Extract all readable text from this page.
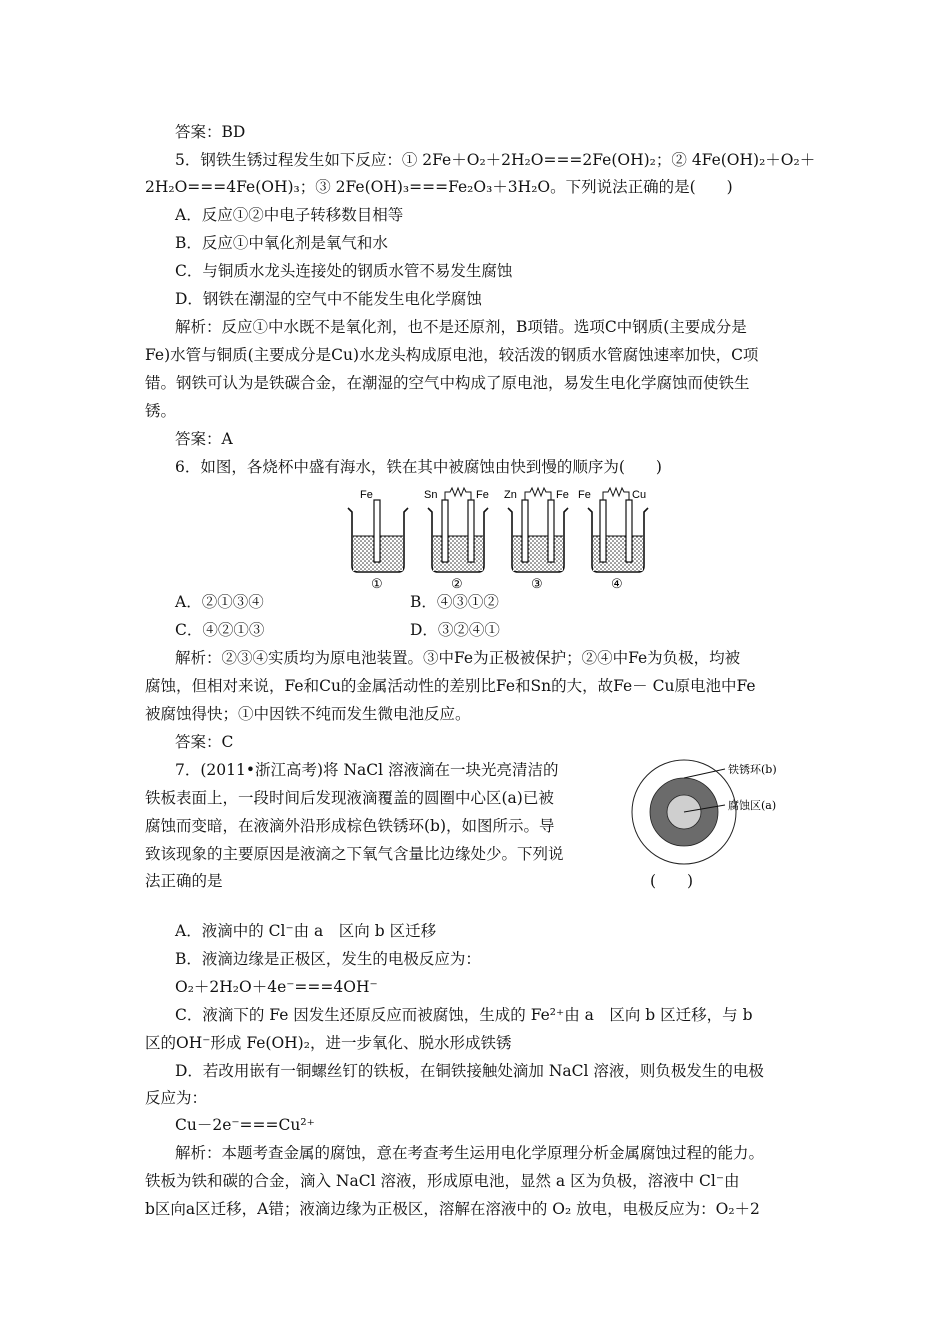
答案：BD
5．钢铁生锈过程发生如下反应：① 2Fe＋O₂＋2H₂O===2Fe(OH)₂；② 4Fe(OH)₂＋O₂＋
2H₂O===4Fe(OH)₃；③ 2Fe(OH)₃===Fe₂O₃＋3H₂O。下列说法正确的是(　　)
A．反应①②中电子转移数目相等
B．反应①中氧化剂是氧气和水
C．与铜质水龙头连接处的钢质水管不易发生腐蚀
D．钢铁在潮湿的空气中不能发生电化学腐蚀
解析：反应①中水既不是氧化剂，也不是还原剂，B项错。选项C中钢质(主要成分是
Fe)水管与铜质(主要成分是Cu)水龙头构成原电池，较活泼的钢质水管腐蚀速率加快，C项
错。钢铁可认为是铁碳合金，在潮湿的空气中构成了原电池，易发生电化学腐蚀而使铁生
锈。
答案：A
6．如图，各烧杯中盛有海水，铁在其中被腐蚀由快到慢的顺序为(　　)
Fe
①
Sn	Fe
②
Zn	Fe
③
Fe	Cu
④
A．②①③④	B．④③①②
C．④②①③	D．③②④①
解析：②③④实质均为原电池装置。③中Fe为正极被保护；②④中Fe为负极，均被
腐蚀，但相对来说，Fe和Cu的金属活动性的差别比Fe和Sn的大，故Fe－ Cu原电池中Fe
被腐蚀得快；①中因铁不纯而发生微电池反应。
答案：C
7．(2011•浙江高考)将 NaCl 溶液滴在一块光亮清洁的
铁板表面上，一段时间后发现液滴覆盖的圆圈中心区(a)已被
腐蚀而变暗，在液滴外沿形成棕色铁锈环(b)，如图所示。导
致该现象的主要原因是液滴之下氧气含量比边缘处少。下列说
法正确的是
铁锈环(b)
腐蚀区(a)
(　　)
A．液滴中的 Cl⁻由 a　区向 b 区迁移
B．液滴边缘是正极区，发生的电极反应为：
O₂＋2H₂O＋4e⁻===4OH⁻
C．液滴下的 Fe 因发生还原反应而被腐蚀，生成的 Fe²⁺由 a　区向 b 区迁移，与 b
区的OH⁻形成 Fe(OH)₂，进一步氧化、脱水形成铁锈
D．若改用嵌有一铜螺丝钉的铁板，在铜铁接触处滴加 NaCl 溶液，则负极发生的电极
反应为：
Cu－2e⁻===Cu²⁺
解析：本题考查金属的腐蚀，意在考查考生运用电化学原理分析金属腐蚀过程的能力。
铁板为铁和碳的合金，滴入 NaCl 溶液，形成原电池，显然 a 区为负极，溶液中 Cl⁻由
b区向a区迁移，A错；液滴边缘为正极区，溶解在溶液中的 O₂ 放电，电极反应为：O₂＋2
